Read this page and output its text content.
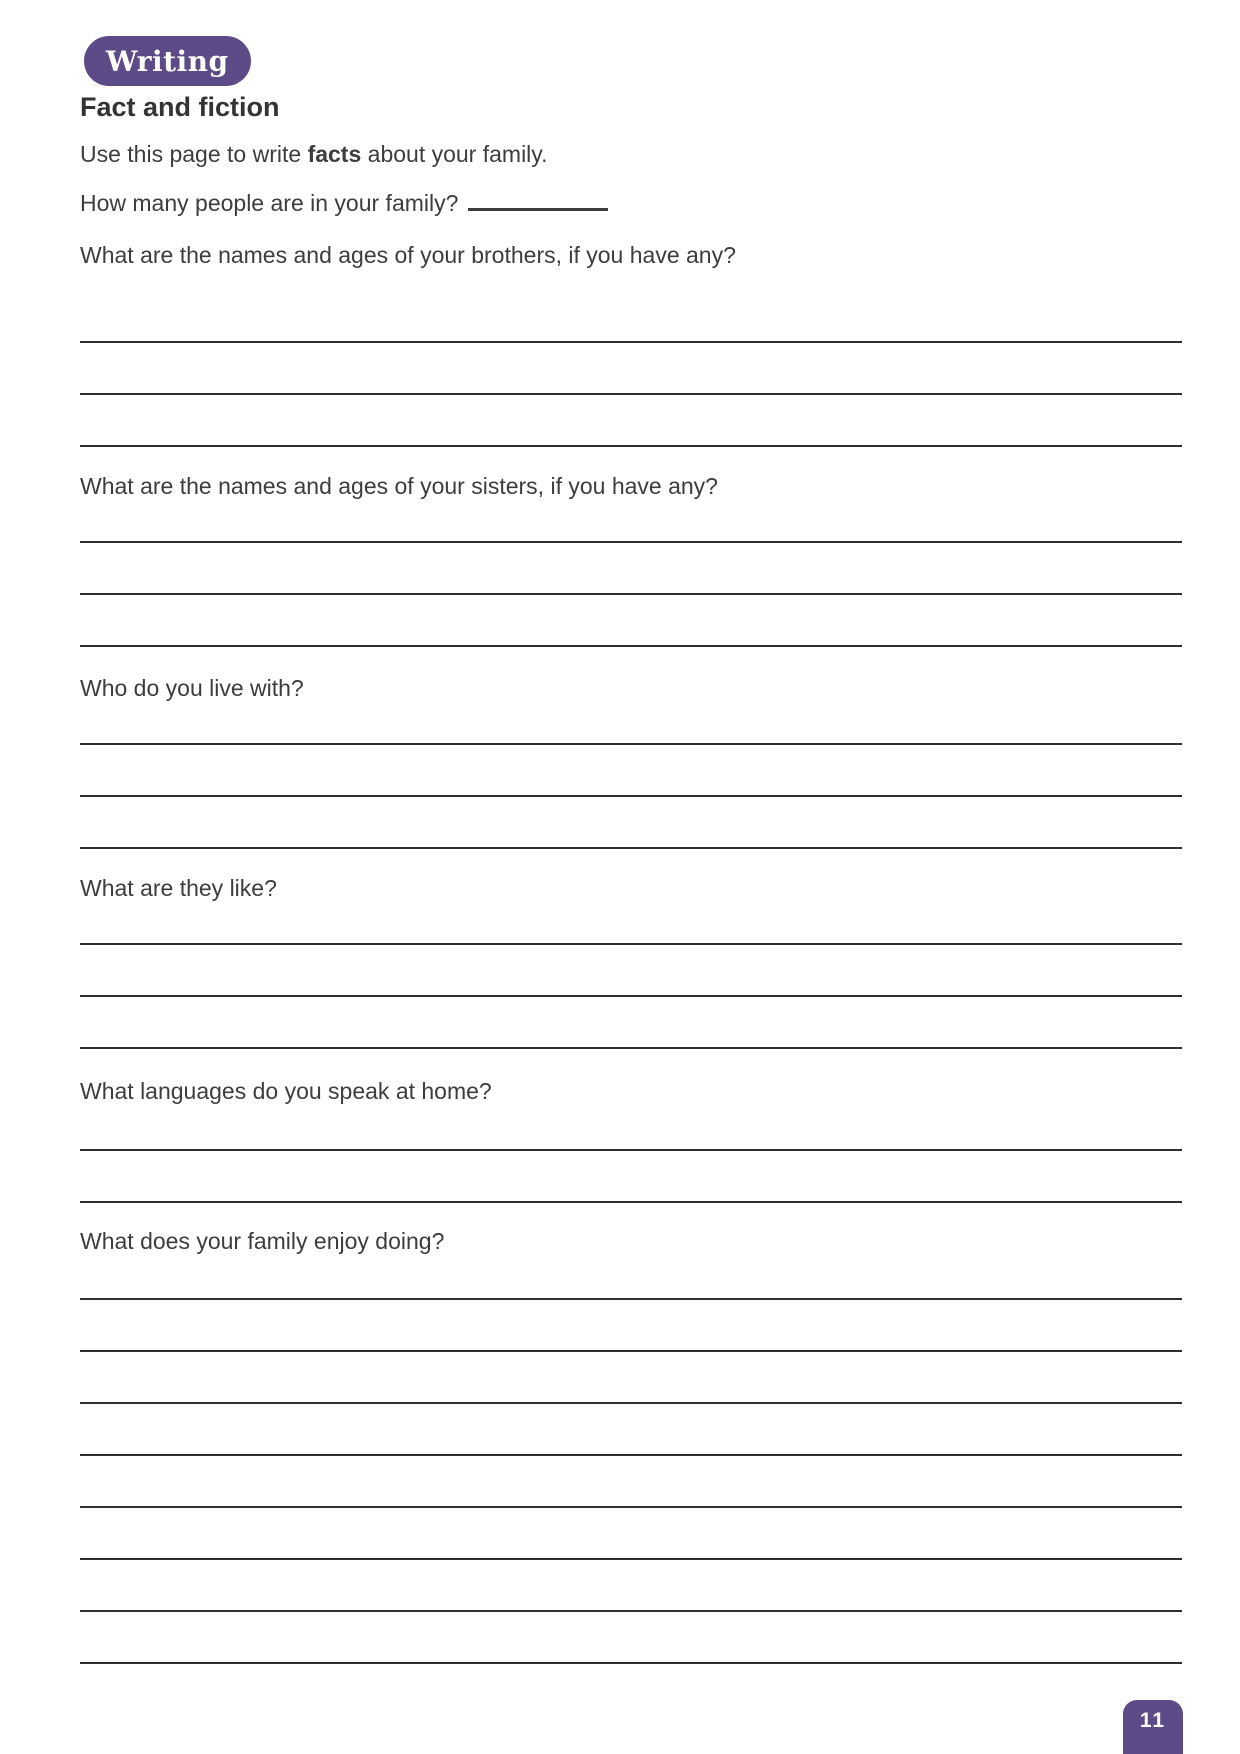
Writing
Fact and fiction
Use this page to write facts about your family.
How many people are in your family?
What are the names and ages of your brothers, if you have any?
What are the names and ages of your sisters, if you have any?
Who do you live with?
What are they like?
What languages do you speak at home?
What does your family enjoy doing?
11
